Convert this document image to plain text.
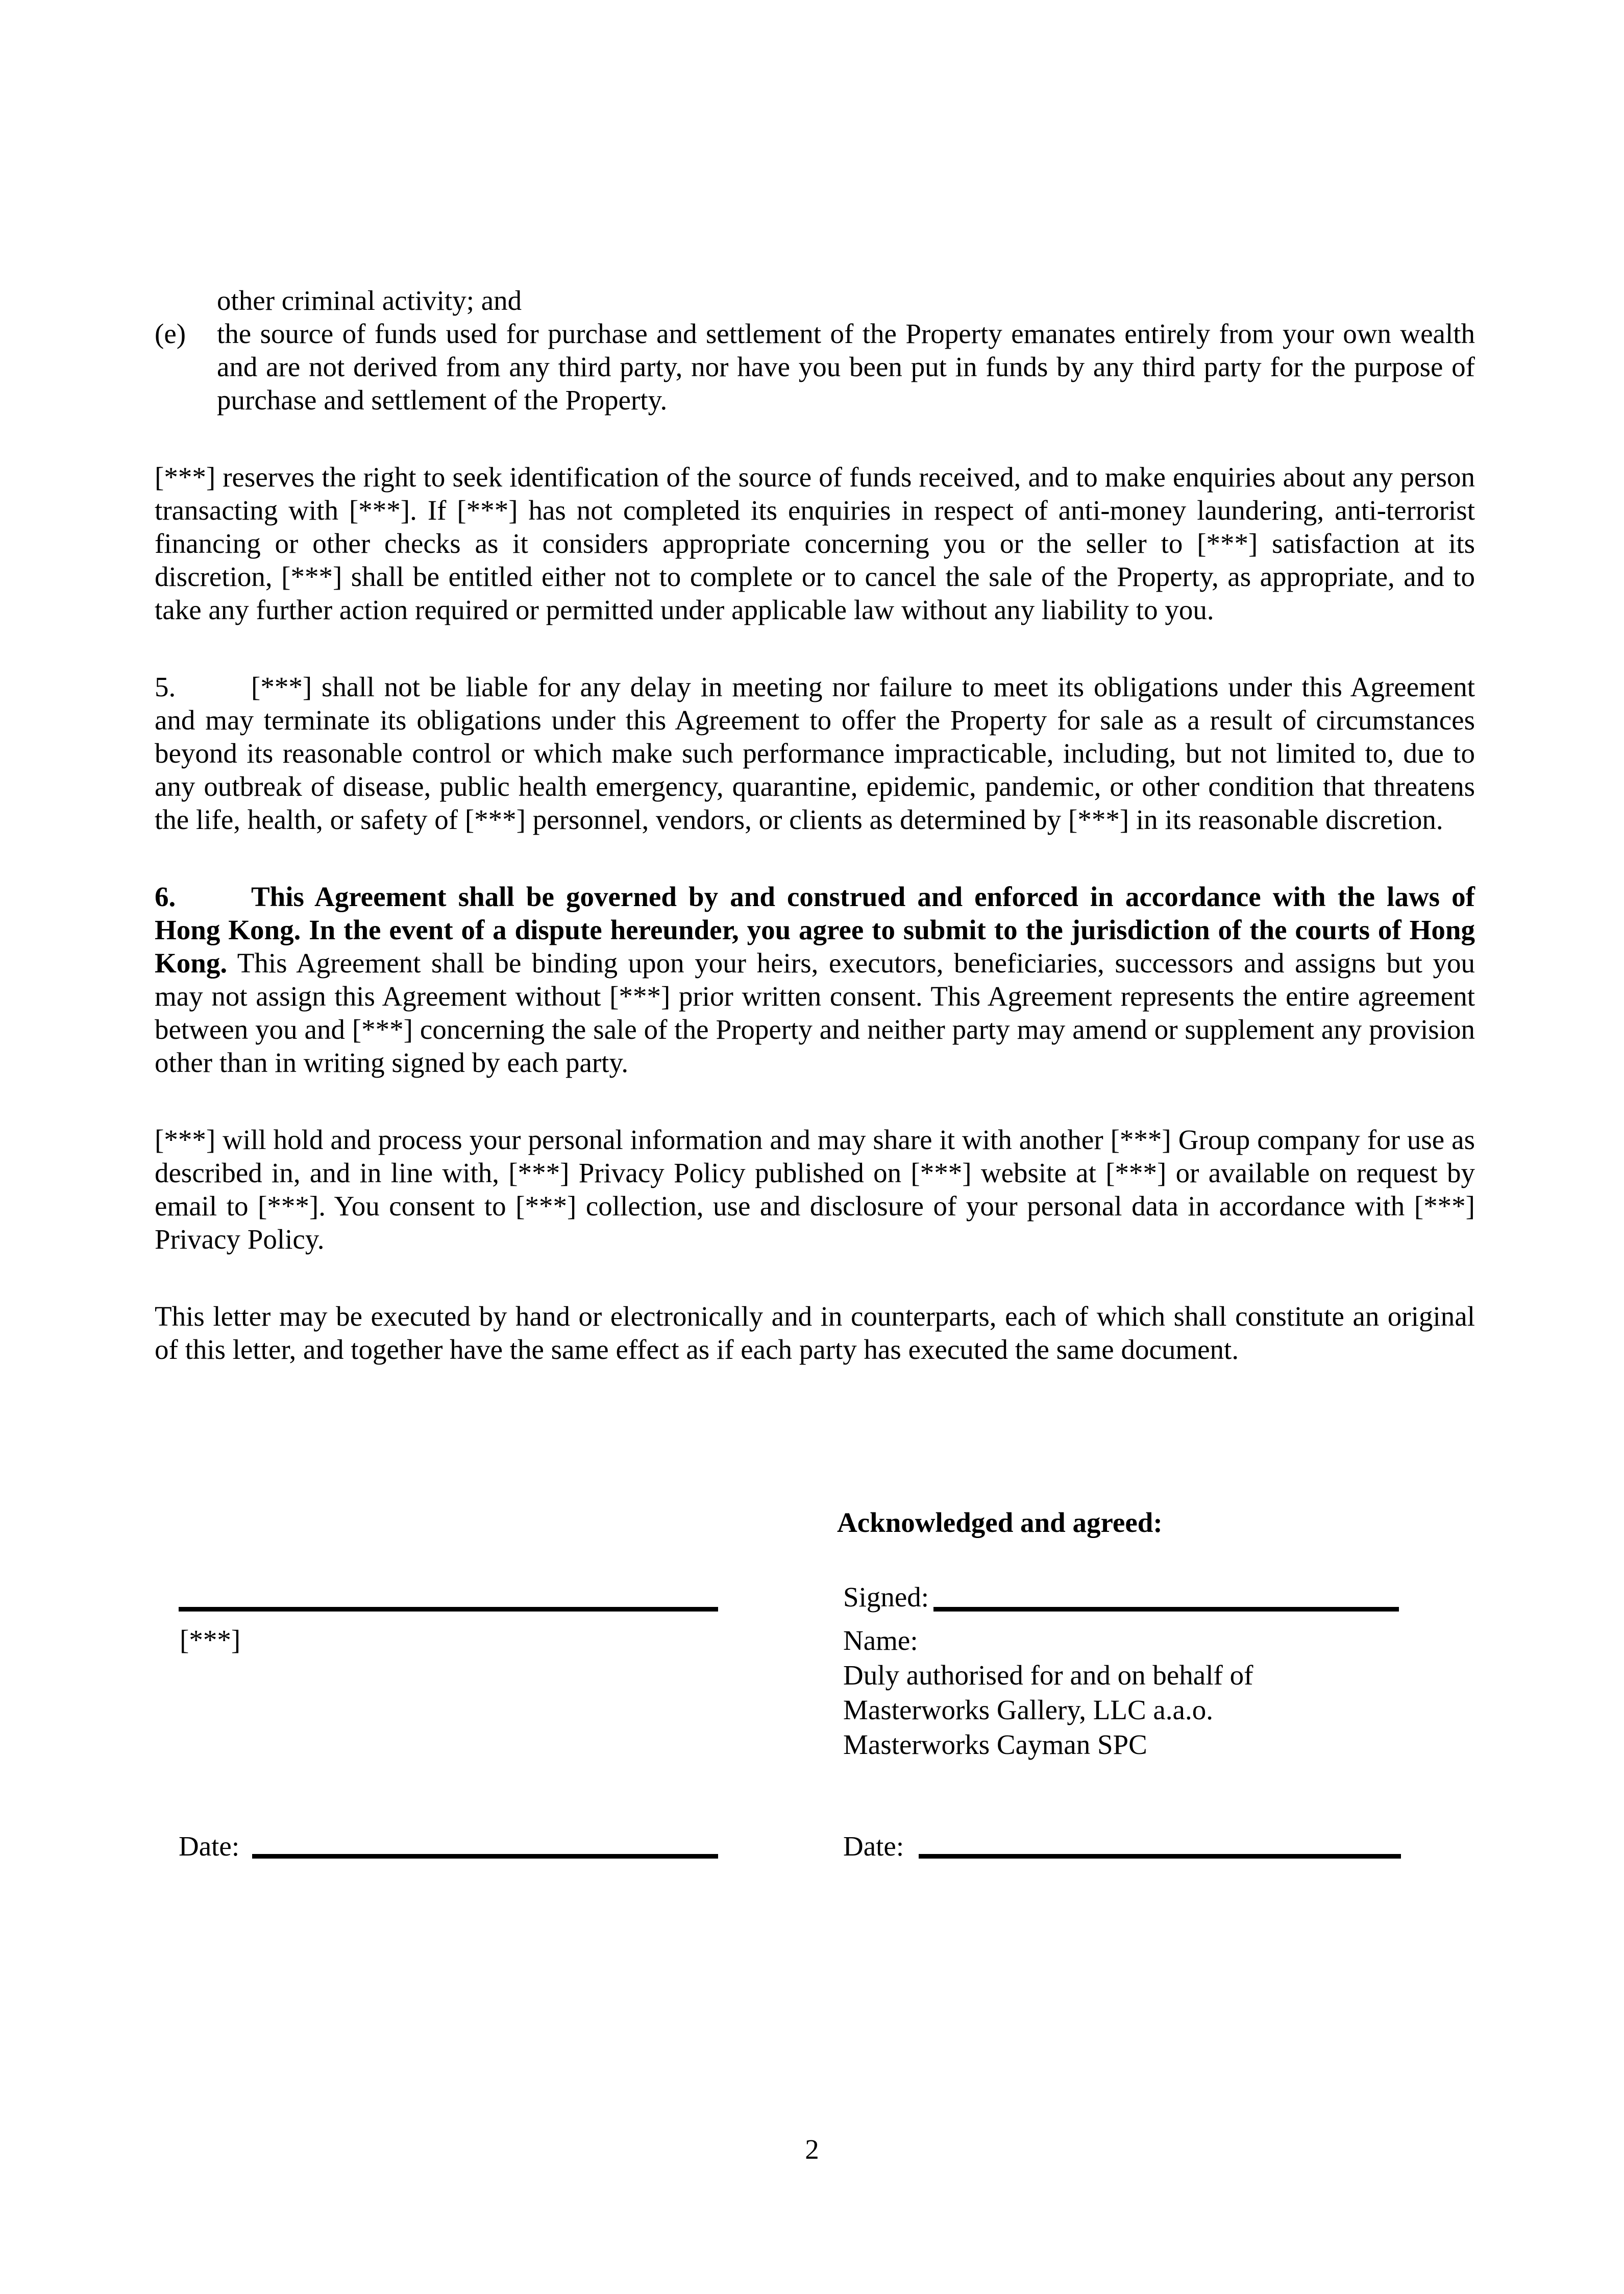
other criminal activity; and
(e) the source of funds used for purchase and settlement of the Property emanates entirely from your own wealth and are not derived from any third party, nor have you been put in funds by any third party for the purpose of purchase and settlement of the Property.

[***] reserves the right to seek identification of the source of funds received, and to make enquiries about any person transacting with [***]. If [***] has not completed its enquiries in respect of anti-money laundering, anti-terrorist financing or other checks as it considers appropriate concerning you or the seller to [***] satisfaction at its discretion, [***] shall be entitled either not to complete or to cancel the sale of the Property, as appropriate, and to take any further action required or permitted under applicable law without any liability to you.

5.	[***] shall not be liable for any delay in meeting nor failure to meet its obligations under this Agreement and may terminate its obligations under this Agreement to offer the Property for sale as a result of circumstances beyond its reasonable control or which make such performance impracticable, including, but not limited to, due to any outbreak of disease, public health emergency, quarantine, epidemic, pandemic, or other condition that threatens the life, health, or safety of [***] personnel, vendors, or clients as determined by [***] in its reasonable discretion.

6.	This Agreement shall be governed by and construed and enforced in accordance with the laws of Hong Kong. In the event of a dispute hereunder, you agree to submit to the jurisdiction of the courts of Hong Kong. This Agreement shall be binding upon your heirs, executors, beneficiaries, successors and assigns but you may not assign this Agreement without [***] prior written consent. This Agreement represents the entire agreement between you and [***] concerning the sale of the Property and neither party may amend or supplement any provision other than in writing signed by each party.

[***] will hold and process your personal information and may share it with another [***] Group company for use as described in, and in line with, [***] Privacy Policy published on [***] website at [***] or available on request by email to [***]. You consent to [***] collection, use and disclosure of your personal data in accordance with [***] Privacy Policy.

This letter may be executed by hand or electronically and in counterparts, each of which shall constitute an original of this letter, and together have the same effect as if each party has executed the same document.

Acknowledged and agreed:
[***]
Signed:
Name:
Duly authorised for and on behalf of
Masterworks Gallery, LLC a.a.o.
Masterworks Cayman SPC
Date:	Date:
2
